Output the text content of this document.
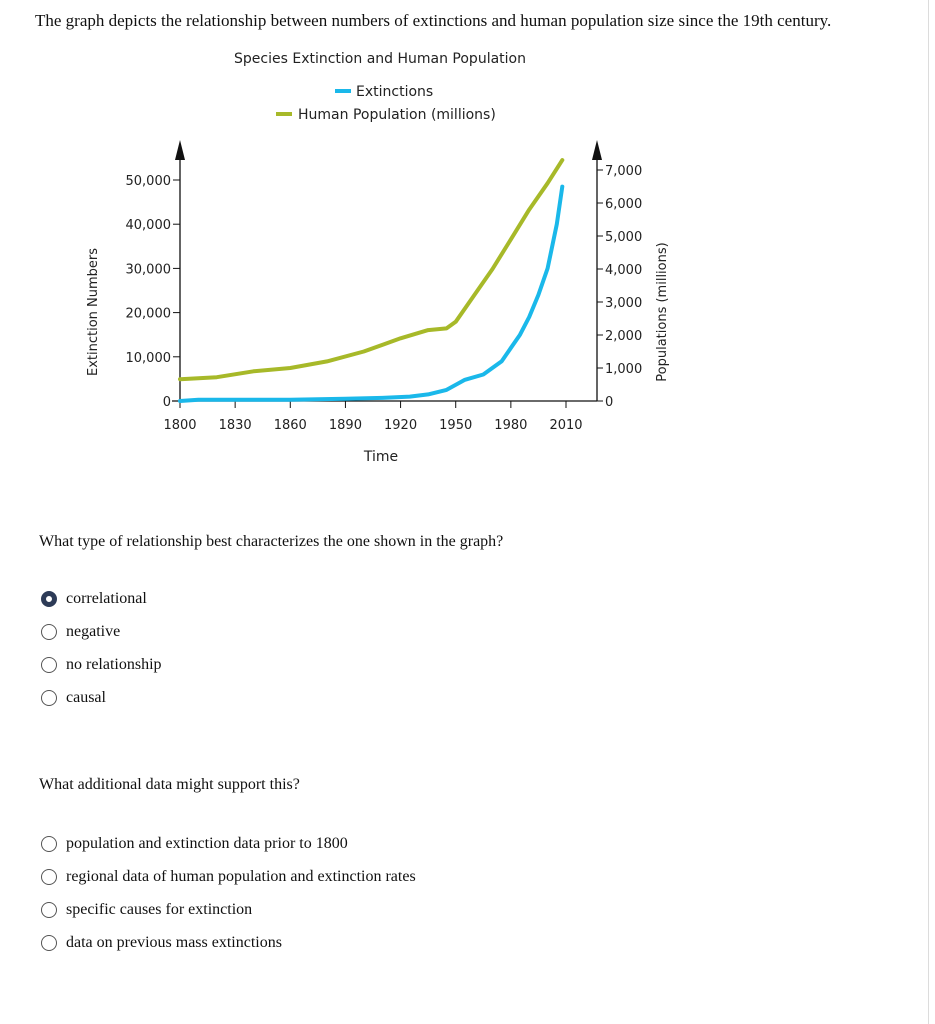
The graph depicts the relationship between numbers of extinctions and human population size since the 19th century.
Extinctions
Human Population (millions)
Species Extinction and Human Population
Time
Extinction Numbers	Populations (millions)
1800 1830 1860 1890 1920 1950 1980 2010
0
10,000
20,000
30,000
40,000
50,000
0
1,000
2,000
3,000
4,000
5,000
6,000
7,000
What type of relationship best characterizes the one shown in the graph?
correlational
negative
no relationship
causal
What additional data might support this?
population and extinction data prior to 1800
regional data of human population and extinction rates
specific causes for extinction
data on previous mass extinctions
